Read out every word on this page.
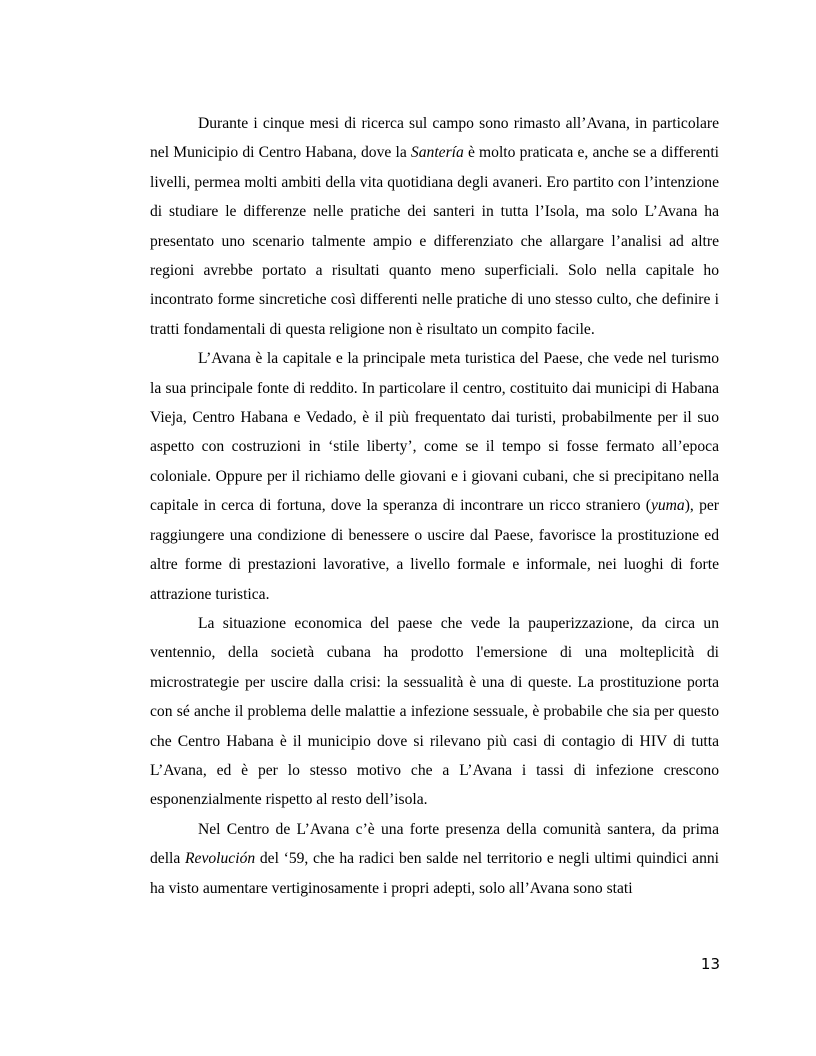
Durante i cinque mesi di ricerca sul campo sono rimasto all’Avana, in particolare nel Municipio di Centro Habana, dove la Santería è molto praticata e, anche se a differenti livelli, permea molti ambiti della vita quotidiana degli avaneri. Ero partito con l’intenzione di studiare le differenze nelle pratiche dei santeri in tutta l’Isola, ma solo L’Avana ha presentato uno scenario talmente ampio e differenziato che allargare l’analisi ad altre regioni avrebbe portato a risultati quanto meno superficiali. Solo nella capitale ho incontrato forme sincretiche così differenti nelle pratiche di uno stesso culto, che definire i tratti fondamentali di questa religione non è risultato un compito facile.

L’Avana è la capitale e la principale meta turistica del Paese, che vede nel turismo la sua principale fonte di reddito. In particolare il centro, costituito dai municipi di Habana Vieja, Centro Habana e Vedado, è il più frequentato dai turisti, probabilmente per il suo aspetto con costruzioni in ‘stile liberty’, come se il tempo si fosse fermato all’epoca coloniale. Oppure per il richiamo delle giovani e i giovani cubani, che si precipitano nella capitale in cerca di fortuna, dove la speranza di incontrare un ricco straniero (yuma), per raggiungere una condizione di benessere o uscire dal Paese, favorisce la prostituzione ed altre forme di prestazioni lavorative, a livello formale e informale, nei luoghi di forte attrazione turistica.

La situazione economica del paese che vede la pauperizzazione, da circa un ventennio, della società cubana ha prodotto l'emersione di una molteplicità di microstrategie per uscire dalla crisi: la sessualità è una di queste. La prostituzione porta con sé anche il problema delle malattie a infezione sessuale, è probabile che sia per questo che Centro Habana è il municipio dove si rilevano più casi di contagio di HIV di tutta L’Avana, ed è per lo stesso motivo che a L’Avana i tassi di infezione crescono esponenzialmente rispetto al resto dell’isola.

Nel Centro de L’Avana c’è una forte presenza della comunità santera, da prima della Revolución del ‘59, che ha radici ben salde nel territorio e negli ultimi quindici anni ha visto aumentare vertiginosamente i propri adepti, solo all’Avana sono stati

13
